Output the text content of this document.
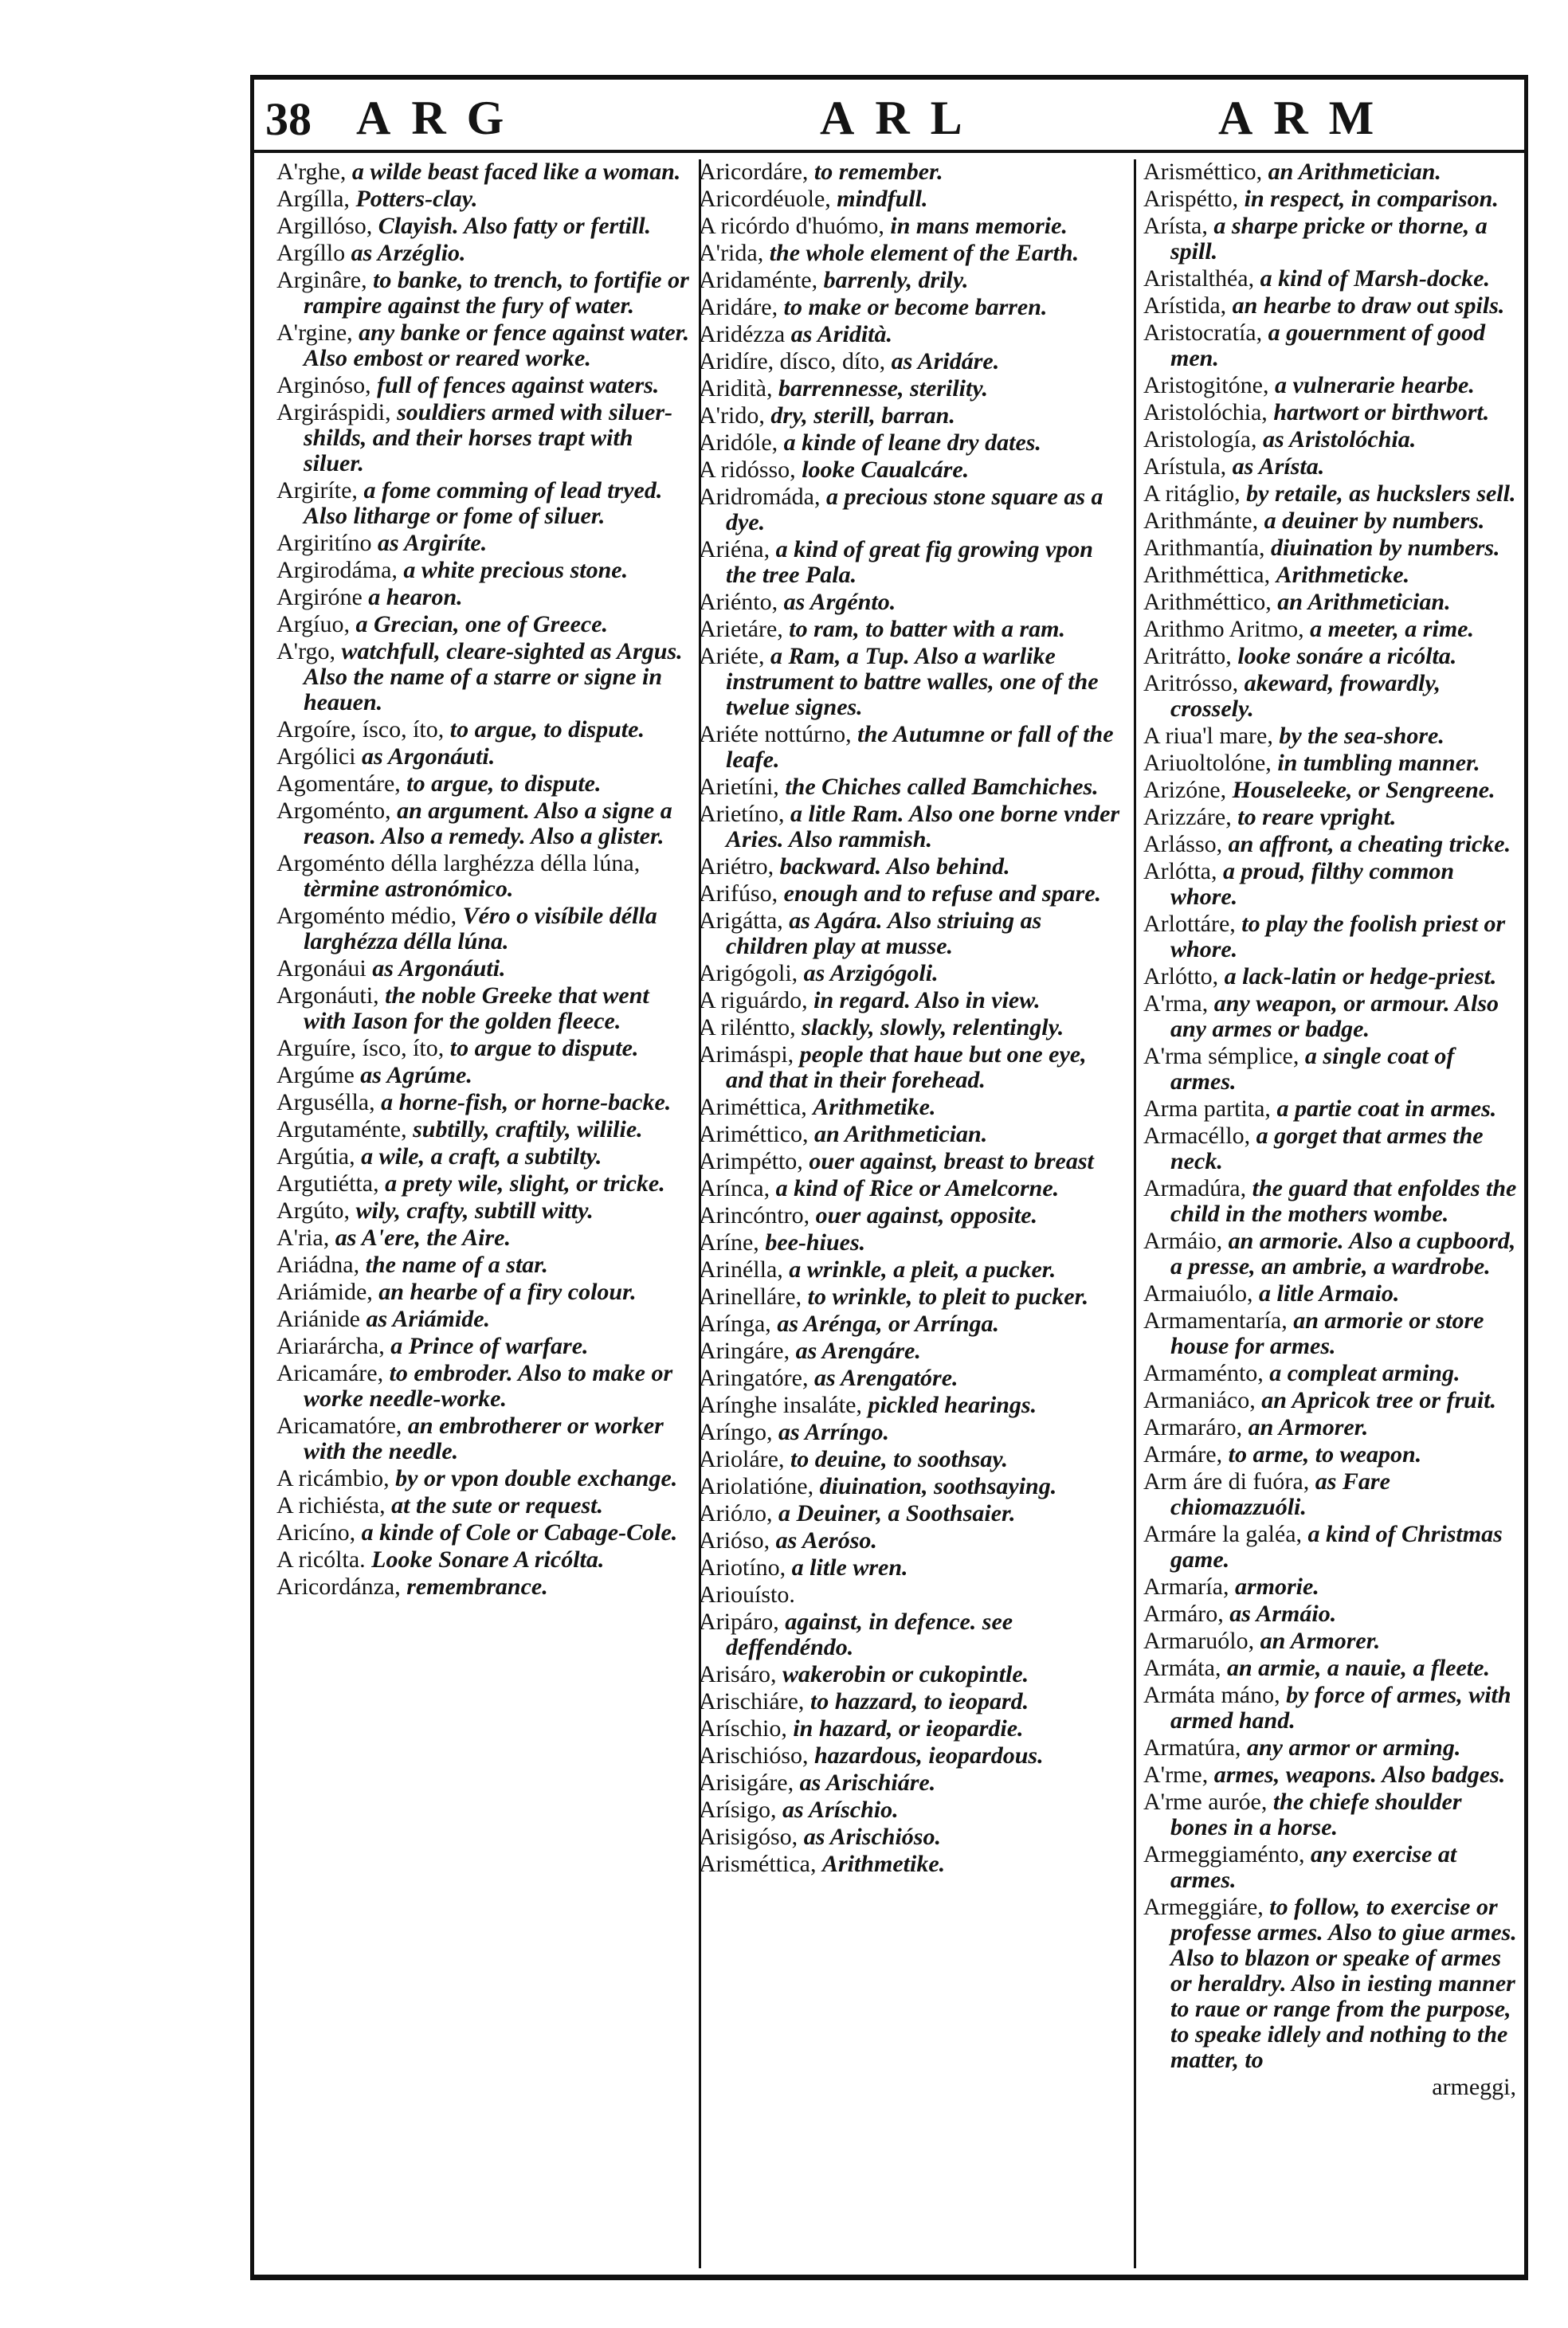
38 ARG	ARL	ARM
A'rghe, a wilde beast faced like a woman.
Argílla, Potters-clay.
Argillóso, Clayish. Also fatty or fertill.
Argíllo as Arzéglio.
Arginâre, to banke, to trench, to fortifie or rampire against the fury of water.
A'rgine, any banke or fence against water. Also embost or reared worke.
Arginóso, full of fences against waters.
Argiráspidi, souldiers armed with siluer-shilds, and their horses trapt with siluer.
Argiríte, a fome comming of lead tryed. Also litharge or fome of siluer.
Argiritíno as Argiríte.
Argirodáma, a white precious stone.
Argiróne a hearon.
Argíuo, a Grecian, one of Greece.
A'rgo, watchfull, cleare-sighted as Argus. Also the name of a starre or signe in heauen.
Argoíre, ísco, íto, to argue, to dispute.
Argólici as Argonáuti.
Agomentáre, to argue, to dispute.
Argoménto, an argument. Also a signe a reason. Also a remedy. Also a glister.
Argoménto délla larghézza délla lúna, tèrmine astronómico.
Argoménto médio, Véro o visíbile délla larghézza délla lúna.
Argonáui as Argonáuti.
Argonáuti, the noble Greeke that went with Iason for the golden fleece.
Arguíre, ísco, íto, to argue to dispute.
Argúme as Agrúme.
Argusélla, a horne-fish, or horne-backe.
Argutaménte, subtilly, craftily, wililie.
Argútia, a wile, a craft, a subtilty.
Argutiétta, a prety wile, slight, or tricke.
Argúto, wily, crafty, subtill witty.
A'ria, as A'ere, the Aire.
Ariádna, the name of a star.
Ariámide, an hearbe of a firy colour.
Ariánide as Ariámide.
Ariarárcha, a Prince of warfare.
Aricamáre, to embroder. Also to make or worke needle-worke.
Aricamatóre, an embrotherer or worker with the needle.
A ricámbio, by or vpon double exchange.
A richiésta, at the sute or request.
Aricíno, a kinde of Cole or Cabage-Cole.
A ricólta. Looke Sonare A ricólta.
Aricordánza, remembrance.
Aricordáre, to remember.
Aricordéuole, mindfull.
A ricórdo d'huómo, in mans memorie.
A'rida, the whole element of the Earth.
Aridaménte, barrenly, drily.
Aridáre, to make or become barren.
Aridézza as Aridità.
Aridíre, dísco, díto, as Aridáre.
Aridità, barrennesse, sterility.
A'rido, dry, sterill, barran.
Aridóle, a kinde of leane dry dates.
A ridósso, looke Caualcáre.
Aridromáda, a precious stone square as a dye.
Ariéna, a kind of great fig growing vpon the tree Pala.
Ariénto, as Argénto.
Arietáre, to ram, to batter with a ram.
Ariéte, a Ram, a Tup. Also a warlike instrument to battre walles, one of the twelue signes.
Ariéte nottúrno, the Autumne or fall of the leafe.
Arietíni, the Chiches called Bamchiches.
Arietíno, a litle Ram. Also one borne vnder Aries. Also rammish.
Ariétro, backward. Also behind.
Arifúso, enough and to refuse and spare.
Arigátta, as Agára. Also striuing as children play at musse.
Arigógoli, as Arzigógoli.
A riguárdo, in regard. Also in view.
A riléntto, slackly, slowly, relentingly.
Arimáspi, people that haue but one eye, and that in their forehead.
Ariméttica, Arithmetike.
Ariméttico, an Arithmetician.
Arimpétto, ouer against, breast to breast
Arínca, a kind of Rice or Amelcorne.
Arincóntro, ouer against, opposite.
Aríne, bee-hiues.
Arinélla, a wrinkle, a pleit, a pucker.
Arinelláre, to wrinkle, to pleit to pucker.
Arínga, as Arénga, or Arrínga.
Aringáre, as Arengáre.
Aringatóre, as Arengatóre.
Arínghe insaláte, pickled hearings.
Aríngo, as Arríngo.
Arioláre, to deuine, to soothsay.
Ariolatióne, diuination, soothsaying.
Arióло, a Deuiner, a Soothsaier.
Arióso, as Aeróso.
Ariotíno, a litle wren.
Ariouísto.
Aripáro, against, in defence. see deffendéndo.
Arisáro, wakerobin or cukopintle.
Arischiáre, to hazzard, to ieopard.
Aríschio, in hazard, or ieopardie.
Arischióso, hazardous, ieopardous.
Arisigáre, as Arischiáre.
Arísigo, as Aríschio.
Arisigóso, as Arischióso.
Arisméttica, Arithmetike.
Arisméttico, an Arithmetician.
Arispétto, in respect, in comparison.
Arísta, a sharpe pricke or thorne, a spill.
Aristalthéa, a kind of Marsh-docke.
Arístida, an hearbe to draw out spils.
Aristocratía, a gouernment of good men.
Aristogitóne, a vulnerarie hearbe.
Aristolóchia, hartwort or birthwort.
Aristología, as Aristolóchia.
Arístula, as Arísta.
A ritáglio, by retaile, as huckslers sell.
Arithmánte, a deuiner by numbers.
Arithmantía, diuination by numbers.
Arithméttica, Arithmeticke.
Arithméttico, an Arithmetician.
Arithmo Aritmo, a meeter, a rime.
Aritrátto, looke sonáre a ricólta.
Aritrósso, akeward, frowardly, crossely.
A riua'l mare, by the sea-shore.
Ariuoltolóne, in tumbling manner.
Arizóne, Houseleeke, or Sengreene.
Arizzáre, to reare vpright.
Arlásso, an affront, a cheating tricke.
Arlótta, a proud, filthy common whore.
Arlottáre, to play the foolish priest or whore.
Arlótto, a lack-latin or hedge-priest.
A'rma, any weapon, or armour. Also any armes or badge.
A'rma sémplice, a single coat of armes.
Arma partita, a partie coat in armes.
Armacéllo, a gorget that armes the neck.
Armadúra, the guard that enfoldes the child in the mothers wombe.
Armáio, an armorie. Also a cupboord, a presse, an ambrie, a wardrobe.
Armaiuólo, a litle Armaio.
Armamentaría, an armorie or store house for armes.
Armaménto, a compleat arming.
Armaniáco, an Apricok tree or fruit.
Armaráro, an Armorer.
Armáre, to arme, to weapon.
Arm áre di fuóra, as Fare chiomazzuóli.
Armáre la galéa, a kind of Christmas game.
Armaría, armorie.
Armáro, as Armáio.
Armaruólo, an Armorer.
Armáta, an armie, a nauie, a fleete.
Armáta máno, by force of armes, with armed hand.
Armatúra, any armor or arming.
A'rme, armes, weapons. Also badges.
A'rme auróe, the chiefe shoulder bones in a horse.
Armeggiaménto, any exercise at armes.
Armeggiáre, to follow, to exercise or professe armes. Also to giue armes. Also to blazon or speake of armes or heraldry. Also in iesting manner to raue or range from the purpose, to speake idlely and nothing to the matter, to
armeggi,
